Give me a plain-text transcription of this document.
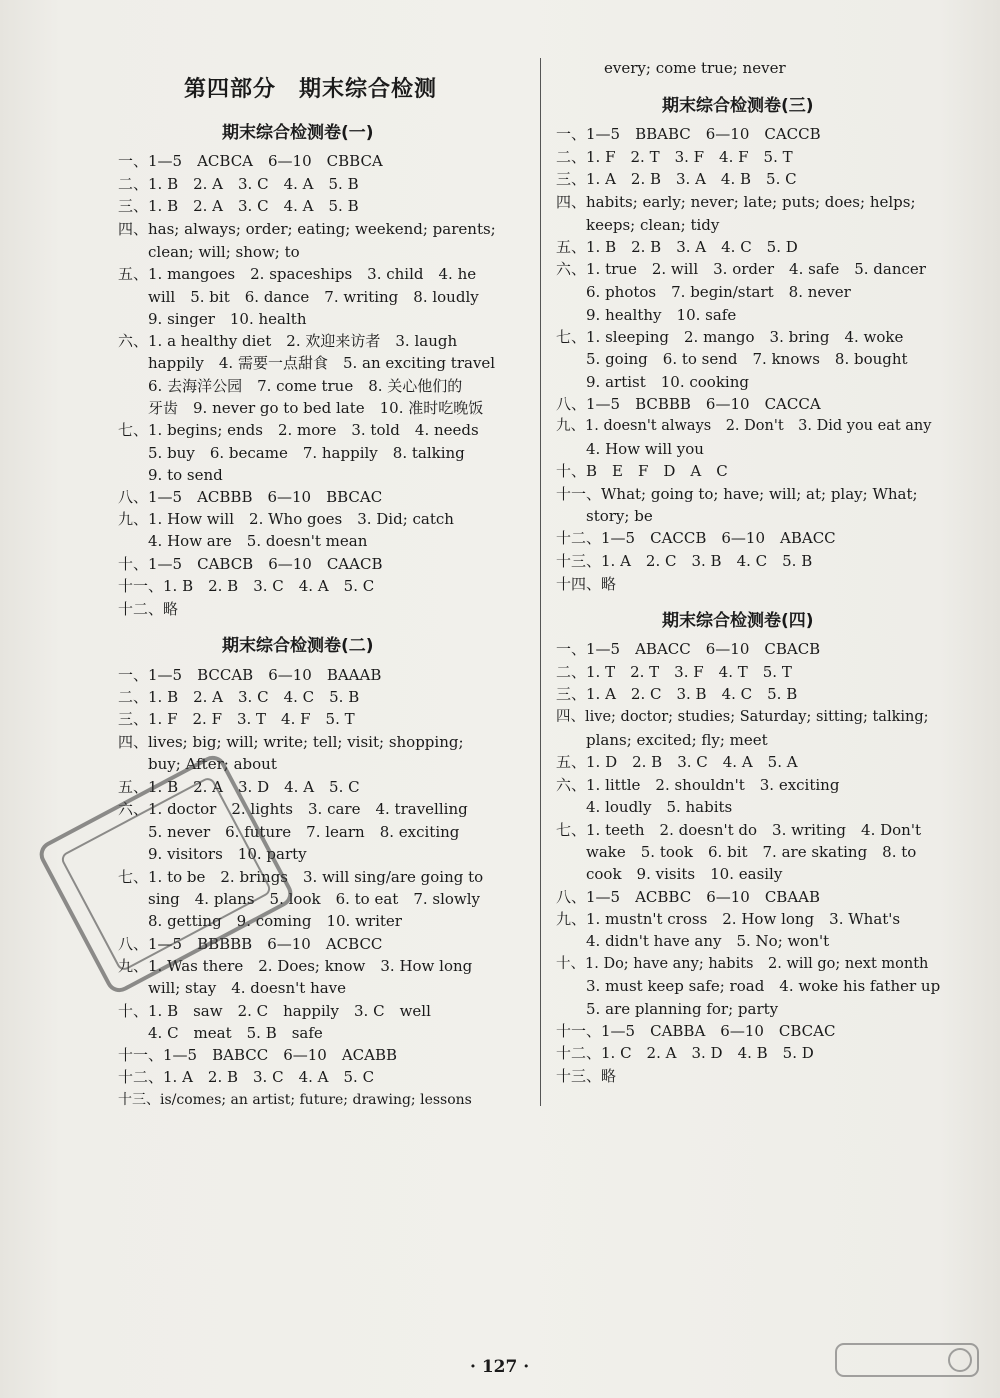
第四部分　期末综合检测
期末综合检测卷(一)
一、1—5　ACBCA　6—10　CBBCA
二、1. B　2. A　3. C　4. A　5. B
三、1. B　2. A　3. C　4. A　5. B
四、has; always; order; eating; weekend; parents;
clean; will; show; to
五、1. mangoes　2. spaceships　3. child　4. he
will　5. bit　6. dance　7. writing　8. loudly
9. singer　10. health
六、1. a healthy diet　2. 欢迎来访者　3. laugh
happily　4. 需要一点甜食　5. an exciting travel
6. 去海洋公园　7. come true　8. 关心他们的
牙齿　9. never go to bed late　10. 准时吃晚饭
七、1. begins; ends　2. more　3. told　4. needs
5. buy　6. became　7. happily　8. talking
9. to send
八、1—5　ACBBB　6—10　BBCAC
九、1. How will　2. Who goes　3. Did; catch
4. How are　5. doesn't mean
十、1—5　CABCB　6—10　CAACB
十一、1. B　2. B　3. C　4. A　5. C
十二、略
期末综合检测卷(二)
一、1—5　BCCAB　6—10　BAAAB
二、1. B　2. A　3. C　4. C　5. B
三、1. F　2. F　3. T　4. F　5. T
四、lives; big; will; write; tell; visit; shopping;
buy; After; about
五、1. B　2. A　3. D　4. A　5. C
六、1. doctor　2. lights　3. care　4. travelling
5. never　6. future　7. learn　8. exciting
9. visitors　10. party
七、1. to be　2. brings　3. will sing/are going to
sing　4. plans　5. look　6. to eat　7. slowly
8. getting　9. coming　10. writer
八、1—5　BBBBB　6—10　ACBCC
九、1. Was there　2. Does; know　3. How long
will; stay　4. doesn't have
十、1. B　saw　2. C　happily　3. C　well
4. C　meat　5. B　safe
十一、1—5　BABCC　6—10　ACABB
十二、1. A　2. B　3. C　4. A　5. C
十三、is/comes; an artist; future; drawing; lessons
every; come true; never
期末综合检测卷(三)
一、1—5　BBABC　6—10　CACCB
二、1. F　2. T　3. F　4. F　5. T
三、1. A　2. B　3. A　4. B　5. C
四、habits; early; never; late; puts; does; helps;
keeps; clean; tidy
五、1. B　2. B　3. A　4. C　5. D
六、1. true　2. will　3. order　4. safe　5. dancer
6. photos　7. begin/start　8. never
9. healthy　10. safe
七、1. sleeping　2. mango　3. bring　4. woke
5. going　6. to send　7. knows　8. bought
9. artist　10. cooking
八、1—5　BCBBB　6—10　CACCA
九、1. doesn't always　2. Don't　3. Did you eat any
4. How will you
十、B　E　F　D　A　C
十一、What; going to; have; will; at; play; What;
story; be
十二、1—5　CACCB　6—10　ABACC
十三、1. A　2. C　3. B　4. C　5. B
十四、略
期末综合检测卷(四)
一、1—5　ABACC　6—10　CBACB
二、1. T　2. T　3. F　4. T　5. T
三、1. A　2. C　3. B　4. C　5. B
四、live; doctor; studies; Saturday; sitting; talking;
plans; excited; fly; meet
五、1. D　2. B　3. C　4. A　5. A
六、1. little　2. shouldn't　3. exciting
4. loudly　5. habits
七、1. teeth　2. doesn't do　3. writing　4. Don't
wake　5. took　6. bit　7. are skating　8. to
cook　9. visits　10. easily
八、1—5　ACBBC　6—10　CBAAB
九、1. mustn't cross　2. How long　3. What's
4. didn't have any　5. No; won't
十、1. Do; have any; habits　2. will go; next month
3. must keep safe; road　4. woke his father up
5. are planning for; party
十一、1—5　CABBA　6—10　CBCAC
十二、1. C　2. A　3. D　4. B　5. D
十三、略
· 127 ·
